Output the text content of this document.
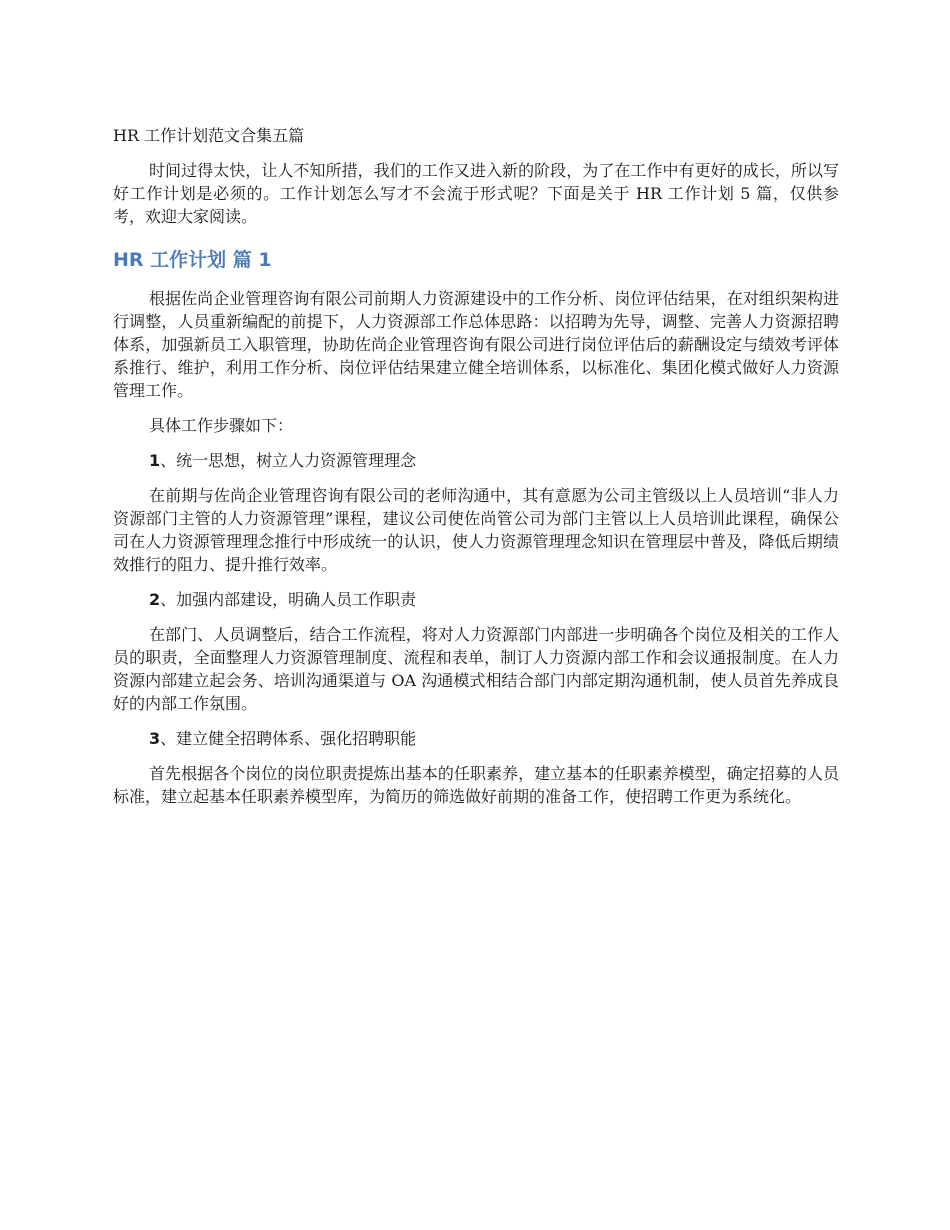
HR 工作计划范文合集五篇

时间过得太快，让人不知所措，我们的工作又进入新的阶段，为了在工作中有更好的成长，所以写好工作计划是必须的。工作计划怎么写才不会流于形式呢？下面是关于 HR 工作计划 5 篇，仅供参考，欢迎大家阅读。

HR 工作计划 篇 1

根据佐尚企业管理咨询有限公司前期人力资源建设中的工作分析、岗位评估结果，在对组织架构进行调整，人员重新编配的前提下，人力资源部工作总体思路：以招聘为先导，调整、完善人力资源招聘体系，加强新员工入职管理，协助佐尚企业管理咨询有限公司进行岗位评估后的薪酬设定与绩效考评体系推行、维护，利用工作分析、岗位评估结果建立健全培训体系，以标准化、集团化模式做好人力资源管理工作。

具体工作步骤如下：

1、统一思想，树立人力资源管理理念

在前期与佐尚企业管理咨询有限公司的老师沟通中，其有意愿为公司主管级以上人员培训“非人力资源部门主管的人力资源管理”课程，建议公司使佐尚管公司为部门主管以上人员培训此课程，确保公司在人力资源管理理念推行中形成统一的认识，使人力资源管理理念知识在管理层中普及，降低后期绩效推行的阻力、提升推行效率。

2、加强内部建设，明确人员工作职责

在部门、人员调整后，结合工作流程，将对人力资源部门内部进一步明确各个岗位及相关的工作人员的职责，全面整理人力资源管理制度、流程和表单，制订人力资源内部工作和会议通报制度。在人力资源内部建立起会务、培训沟通渠道与 OA 沟通模式相结合部门内部定期沟通机制，使人员首先养成良好的内部工作氛围。

3、建立健全招聘体系、强化招聘职能

首先根据各个岗位的岗位职责提炼出基本的任职素养，建立基本的任职素养模型，确定招募的人员标准，建立起基本任职素养模型库，为简历的筛选做好前期的准备工作，使招聘工作更为系统化。
